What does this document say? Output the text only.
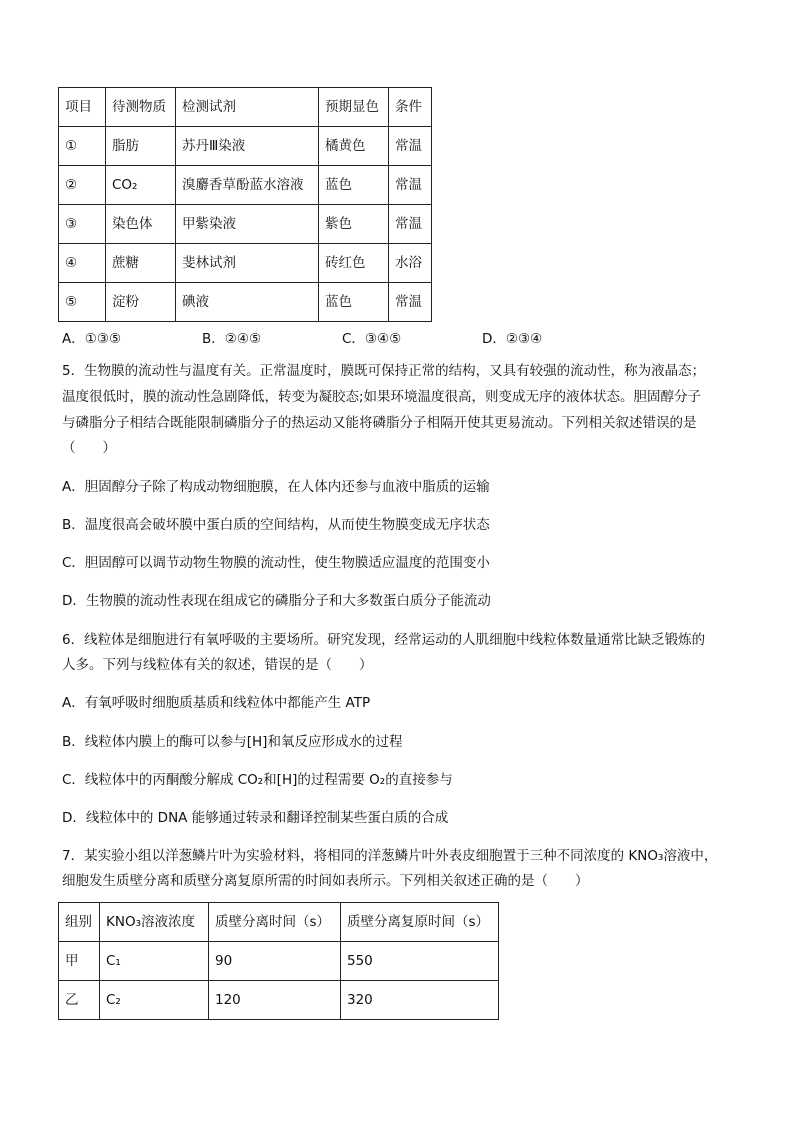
项目	待测物质	检测试剂	预期显色	条件
①	脂肪	苏丹Ⅲ染液	橘黄色	常温
②	CO₂	溴麝香草酚蓝水溶液	蓝色	常温
③	染色体	甲紫染液	紫色	常温
④	蔗糖	斐林试剂	砖红色	水浴
⑤	淀粉	碘液	蓝色	常温
A．①③⑤	B．②④⑤	C．③④⑤	D．②③④
5．生物膜的流动性与温度有关。正常温度时，膜既可保持正常的结构，又具有较强的流动性，称为液晶态；
温度很低时，膜的流动性急剧降低，转变为凝胶态;如果环境温度很高，则变成无序的液体状态。胆固醇分子
与磷脂分子相结合既能限制磷脂分子的热运动又能将磷脂分子相隔开使其更易流动。下列相关叙述错误的是
（　　）
A．胆固醇分子除了构成动物细胞膜，在人体内还参与血液中脂质的运输
B．温度很高会破坏膜中蛋白质的空间结构，从而使生物膜变成无序状态
C．胆固醇可以调节动物生物膜的流动性，使生物膜适应温度的范围变小
D．生物膜的流动性表现在组成它的磷脂分子和大多数蛋白质分子能流动
6．线粒体是细胞进行有氧呼吸的主要场所。研究发现，经常运动的人肌细胞中线粒体数量通常比缺乏锻炼的
人多。下列与线粒体有关的叙述，错误的是（　　）
A．有氧呼吸时细胞质基质和线粒体中都能产生 ATP
B．线粒体内膜上的酶可以参与[H]和氧反应形成水的过程
C．线粒体中的丙酮酸分解成 CO₂和[H]的过程需要 O₂的直接参与
D．线粒体中的 DNA 能够通过转录和翻译控制某些蛋白质的合成
7．某实验小组以洋葱鳞片叶为实验材料，将相同的洋葱鳞片叶外表皮细胞置于三种不同浓度的 KNO₃溶液中，
细胞发生质壁分离和质壁分离复原所需的时间如表所示。下列相关叙述正确的是（　　）
组别	KNO₃溶液浓度	质壁分离时间（s）	质壁分离复原时间（s）
甲	C₁	90	550
乙	C₂	120	320
